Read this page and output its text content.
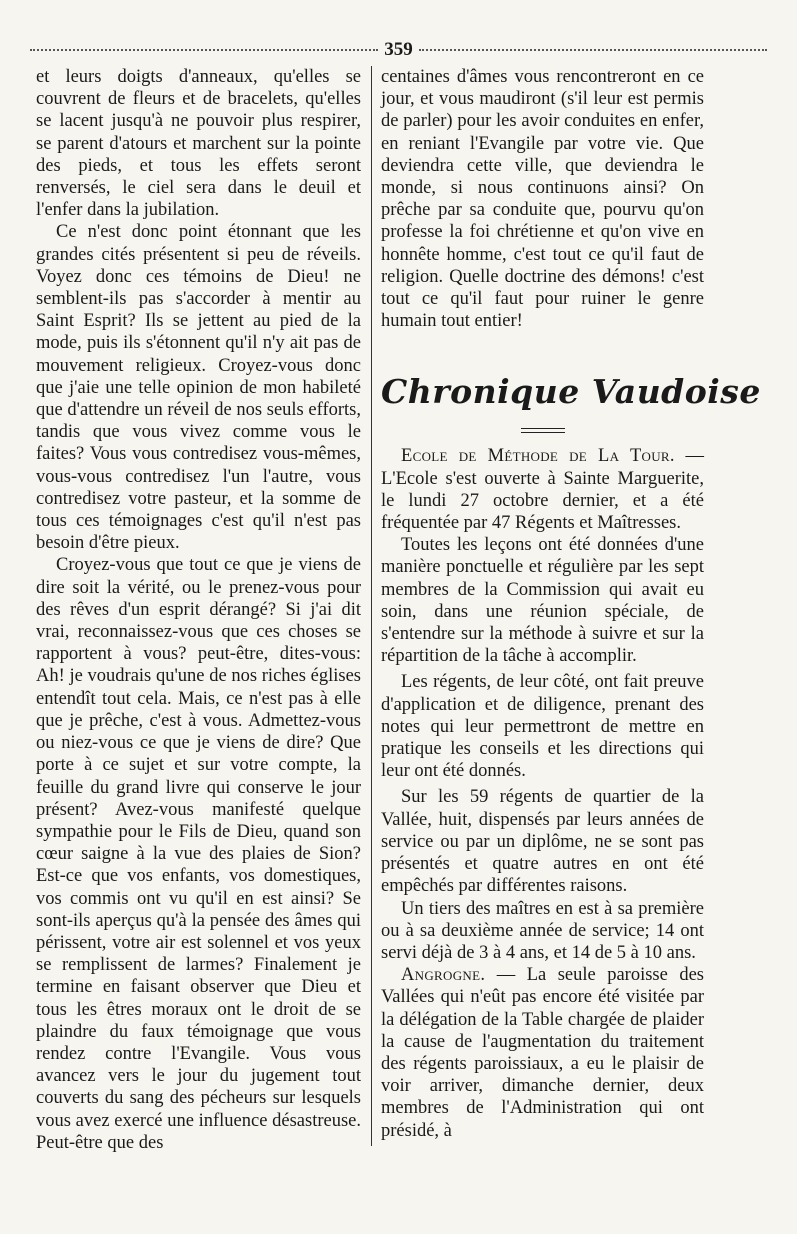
359

et leurs doigts d'anneaux, qu'elles se couvrent de fleurs et de bracelets, qu'elles se lacent jusqu'à ne pouvoir plus respirer, se parent d'atours et marchent sur la pointe des pieds, et tous les effets seront renversés, le ciel sera dans le deuil et l'enfer dans la jubilation.

Ce n'est donc point étonnant que les grandes cités présentent si peu de réveils. Voyez donc ces témoins de Dieu! ne semblent-ils pas s'accorder à mentir au Saint Esprit? Ils se jettent au pied de la mode, puis ils s'étonnent qu'il n'y ait pas de mouvement religieux. Croyez-vous donc que j'aie une telle opinion de mon habileté que d'attendre un réveil de nos seuls efforts, tandis que vous vivez comme vous le faites? Vous vous contredisez vous-mêmes, vous-vous contredisez l'un l'autre, vous contredisez votre pasteur, et la somme de tous ces témoignages c'est qu'il n'est pas besoin d'être pieux.

Croyez-vous que tout ce que je viens de dire soit la vérité, ou le prenez-vous pour des rêves d'un esprit dérangé? Si j'ai dit vrai, reconnaissez-vous que ces choses se rapportent à vous? peut-être, dites-vous: Ah! je voudrais qu'une de nos riches églises entendît tout cela. Mais, ce n'est pas à elle que je prêche, c'est à vous. Admettez-vous ou niez-vous ce que je viens de dire? Que porte à ce sujet et sur votre compte, la feuille du grand livre qui conserve le jour présent? Avez-vous manifesté quelque sympathie pour le Fils de Dieu, quand son cœur saigne à la vue des plaies de Sion? Est-ce que vos enfants, vos domestiques, vos commis ont vu qu'il en est ainsi? Se sont-ils aperçus qu'à la pensée des âmes qui périssent, votre air est solennel et vos yeux se remplissent de larmes? Finalement je termine en faisant observer que Dieu et tous les êtres moraux ont le droit de se plaindre du faux témoignage que vous rendez contre l'Evangile. Vous vous avancez vers le jour du jugement tout couverts du sang des pécheurs sur lesquels vous avez exercé une influence désastreuse. Peut-être que des

centaines d'âmes vous rencontreront en ce jour, et vous maudiront (s'il leur est permis de parler) pour les avoir conduites en enfer, en reniant l'Evangile par votre vie. Que deviendra cette ville, que deviendra le monde, si nous continuons ainsi? On prêche par sa conduite que, pourvu qu'on professe la foi chrétienne et qu'on vive en honnête homme, c'est tout ce qu'il faut de religion. Quelle doctrine des démons! c'est tout ce qu'il faut pour ruiner le genre humain tout entier!

Chronique Vaudoise

Ecole de Méthode de La Tour. — L'Ecole s'est ouverte à Sainte Marguerite, le lundi 27 octobre dernier, et a été fréquentée par 47 Régents et Maîtresses.

Toutes les leçons ont été données d'une manière ponctuelle et régulière par les sept membres de la Commission qui avait eu soin, dans une réunion spéciale, de s'entendre sur la méthode à suivre et sur la répartition de la tâche à accomplir.

Les régents, de leur côté, ont fait preuve d'application et de diligence, prenant des notes qui leur permettront de mettre en pratique les conseils et les directions qui leur ont été donnés.

Sur les 59 régents de quartier de la Vallée, huit, dispensés par leurs années de service ou par un diplôme, ne se sont pas présentés et quatre autres en ont été empêchés par différentes raisons.

Un tiers des maîtres en est à sa première ou à sa deuxième année de service; 14 ont servi déjà de 3 à 4 ans, et 14 de 5 à 10 ans.

Angrogne. — La seule paroisse des Vallées qui n'eût pas encore été visitée par la délégation de la Table chargée de plaider la cause de l'augmentation du traitement des régents paroissiaux, a eu le plaisir de voir arriver, dimanche dernier, deux membres de l'Administration qui ont présidé, à
